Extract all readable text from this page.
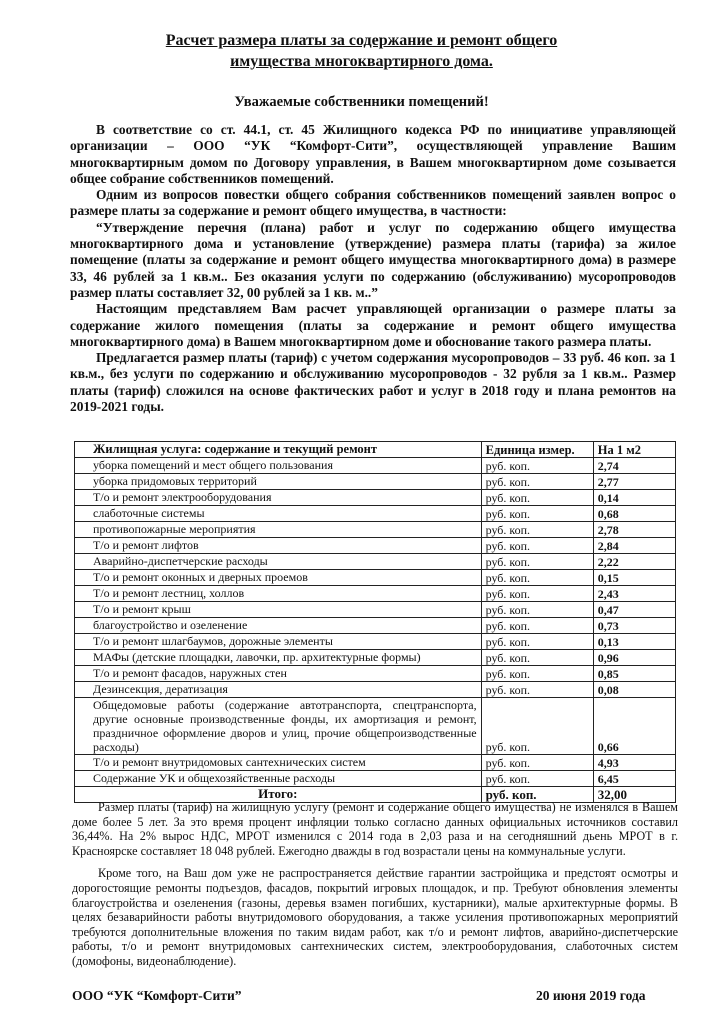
Расчет размера платы за содержание и ремонт общего
имущества многоквартирного дома.
Уважаемые собственники помещений!

В соответствие со ст. 44.1, ст. 45 Жилищного кодекса РФ по инициативе управляющей организации – ООО “УК “Комфорт-Сити”, осуществляющей управление Вашим многоквартирным домом по Договору управления, в Вашем многоквартирном доме созывается общее собрание собственников помещений.

Одним из вопросов повестки общего собрания собственников помещений заявлен вопрос о размере платы за содержание и ремонт общего имущества, в частности:

“Утверждение перечня (плана) работ и услуг по содержанию общего имущества многоквартирного дома и установление (утверждение) размера платы (тарифа) за жилое помещение (платы за содержание и ремонт общего имущества многоквартирного дома) в размере 33, 46 рублей за 1 кв.м.. Без оказания услуги по содержанию (обслуживанию) мусоропроводов размер платы составляет 32, 00 рублей за 1 кв. м..”

Настоящим представляем Вам расчет управляющей организации о размере платы за содержание жилого помещения (платы за содержание и ремонт общего имущества многоквартирного дома) в Вашем многоквартирном доме и обоснование такого размера платы.

Предлагается размер платы (тариф) с учетом содержания мусоропроводов – 33 руб. 46 коп. за 1 кв.м., без услуги по содержанию и обслуживанию мусоропроводов - 32 рубля за 1 кв.м.. Размер платы (тариф) сложился на основе фактических работ и услуг в 2018 году и плана ремонтов на 2019-2021 годы.

Жилищная услуга: содержание и текущий ремонт	Единица измер.	На 1 м2
уборка помещений и мест общего пользования	руб. коп.	2,74
уборка придомовых территорий	руб. коп.	2,77
Т/о и ремонт электрооборудования	руб. коп.	0,14
слаботочные системы	руб. коп.	0,68
противопожарные мероприятия	руб. коп.	2,78
Т/о и ремонт лифтов	руб. коп.	2,84
Аварийно-диспетчерские расходы	руб. коп.	2,22
Т/о и ремонт оконных и дверных проемов	руб. коп.	0,15
Т/о и ремонт лестниц, холлов	руб. коп.	2,43
Т/о и ремонт крыш	руб. коп.	0,47
благоустройство и озеленение	руб. коп.	0,73
Т/о и ремонт шлагбаумов, дорожные элементы	руб. коп.	0,13
МАФы (детские площадки, лавочки, пр. архитектурные формы)	руб. коп.	0,96
Т/о и ремонт фасадов, наружных стен	руб. коп.	0,85
Дезинсекция, дератизация	руб. коп.	0,08
Общедомовые работы (содержание автотранспорта, спецтранспорта, другие основные производственные фонды, их амортизация и ремонт, праздничное оформление дворов и улиц, прочие общепроизводственные расходы)	руб. коп.	0,66
Т/о и ремонт внутридомовых сантехнических систем	руб. коп.	4,93
Содержание УК и общехозяйственные расходы	руб. коп.	6,45
Итого:	руб. коп.	32,00

Размер платы (тариф) на жилищную услугу (ремонт и содержание общего имущества) не изменялся в Вашем доме более 5 лет. За это время процент инфляции только согласно данных официальных источников составил 36,44%. На 2% вырос НДС, МРОТ изменился с 2014 года в 2,03 раза и на сегодняшний дьень МРОТ в г. Красноярске составляет 18 048 рублей. Ежегодно дважды в год возрастали цены на коммунальные услуги.

Кроме того, на Ваш дом уже не распространяется действие гарантии застройщика и предстоят осмотры и дорогостоящие ремонты подъездов, фасадов, покрытий игровых площадок, и пр. Требуют обновления элементы благоустройства и озеленения (газоны, деревья взамен погибших, кустарники), малые архитектурные формы. В целях безаварийности работы внутридомового оборудования, а также усиления противопожарных мероприятий требуются дополнительные вложения по таким видам работ, как т/о и ремонт лифтов, аварийно-диспетчерские работы, т/о и ремонт внутридомовых сантехнических систем, электрооборудования, слаботочных систем (домофоны, видеонаблюдение).

ООО “УК “Комфорт-Сити”	20 июня 2019 года
